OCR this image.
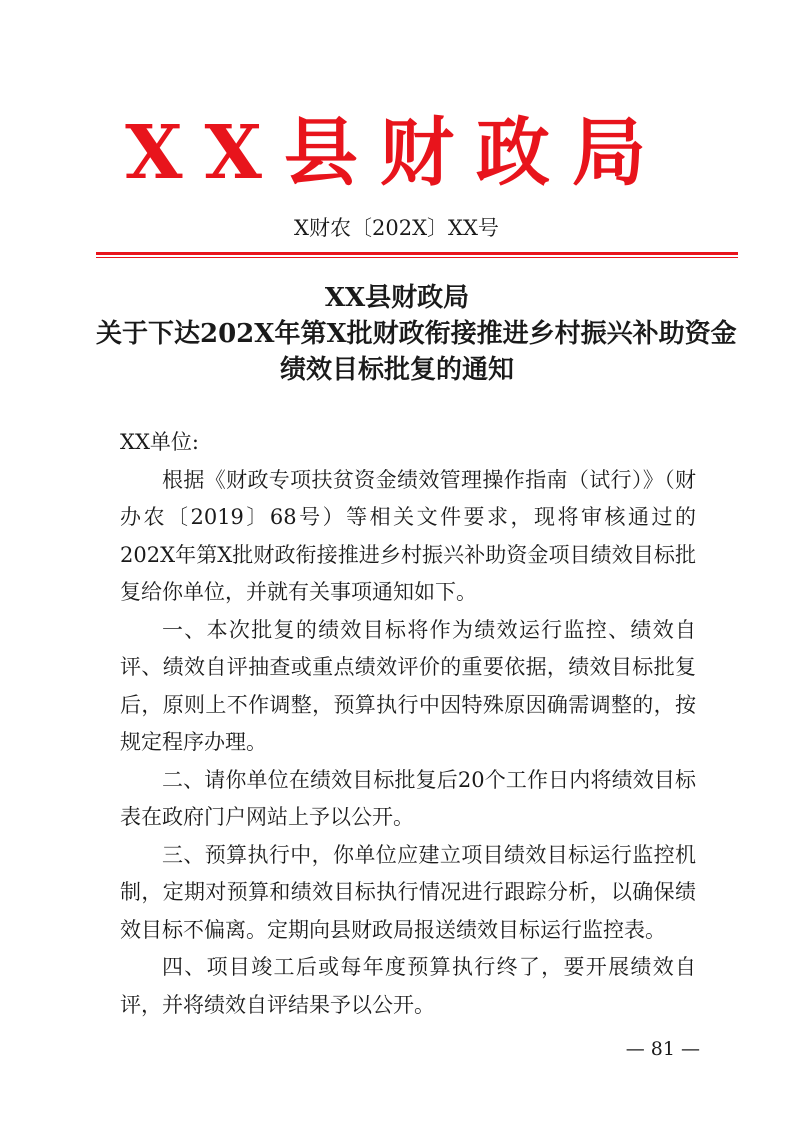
XX县财政局
X财农〔202X〕XX号
XX县财政局
关于下达202X年第X批财政衔接推进乡村振兴补助资金
绩效目标批复的通知

XX单位:

根据《财政专项扶贫资金绩效管理操作指南（试行）》（财办农〔2019〕68号）等相关文件要求，现将审核通过的202X年第X批财政衔接推进乡村振兴补助资金项目绩效目标批复给你单位，并就有关事项通知如下。

一、本次批复的绩效目标将作为绩效运行监控、绩效自评、绩效自评抽查或重点绩效评价的重要依据，绩效目标批复后，原则上不作调整，预算执行中因特殊原因确需调整的，按规定程序办理。

二、请你单位在绩效目标批复后20个工作日内将绩效目标表在政府门户网站上予以公开。

三、预算执行中，你单位应建立项目绩效目标运行监控机制，定期对预算和绩效目标执行情况进行跟踪分析，以确保绩效目标不偏离。定期向县财政局报送绩效目标运行监控表。

四、项目竣工后或每年度预算执行终了，要开展绩效自评，并将绩效自评结果予以公开。

— 81 —
